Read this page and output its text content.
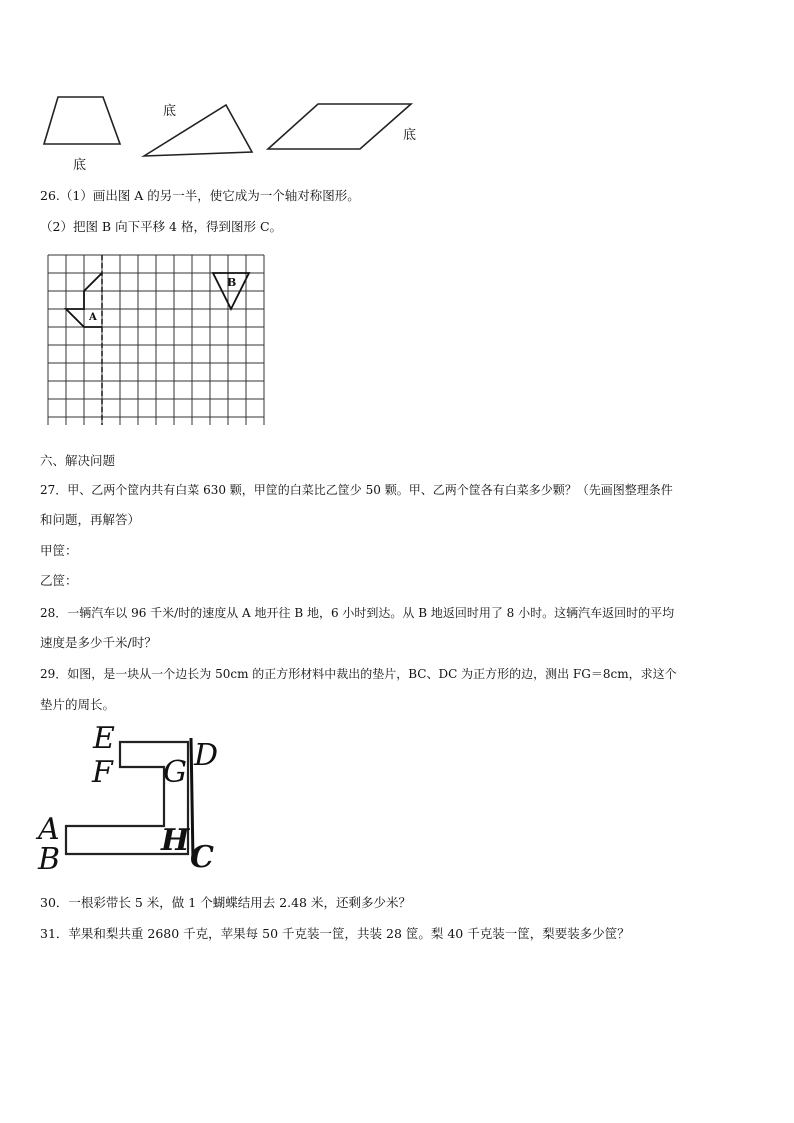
底
底
底
26.（1）画出图 A 的另一半，使它成为一个轴对称图形。
（2）把图 B 向下平移 4 格，得到图形 C。
A
B
六、解决问题
27．甲、乙两个筐内共有白菜 630 颗，甲筐的白菜比乙筐少 50 颗。甲、乙两个筐各有白菜多少颗？（先画图整理条件
和问题，再解答）
甲筐：
乙筐：
28．一辆汽车以 96 千米/时的速度从 A 地开往 B 地，6 小时到达。从 B 地返回时用了 8 小时。这辆汽车返回时的平均
速度是多少千米/时？
29．如图，是一块从一个边长为 50cm 的正方形材料中裁出的垫片，BC、DC 为正方形的边，测出 FG＝8cm，求这个
垫片的周长。
E
F G D
A
B
H C
30．一根彩带长 5 米，做 1 个蝴蝶结用去 2.48 米，还剩多少米？
31．苹果和梨共重 2680 千克，苹果每 50 千克装一筐，共装 28 筐。梨 40 千克装一筐，梨要装多少筐？
